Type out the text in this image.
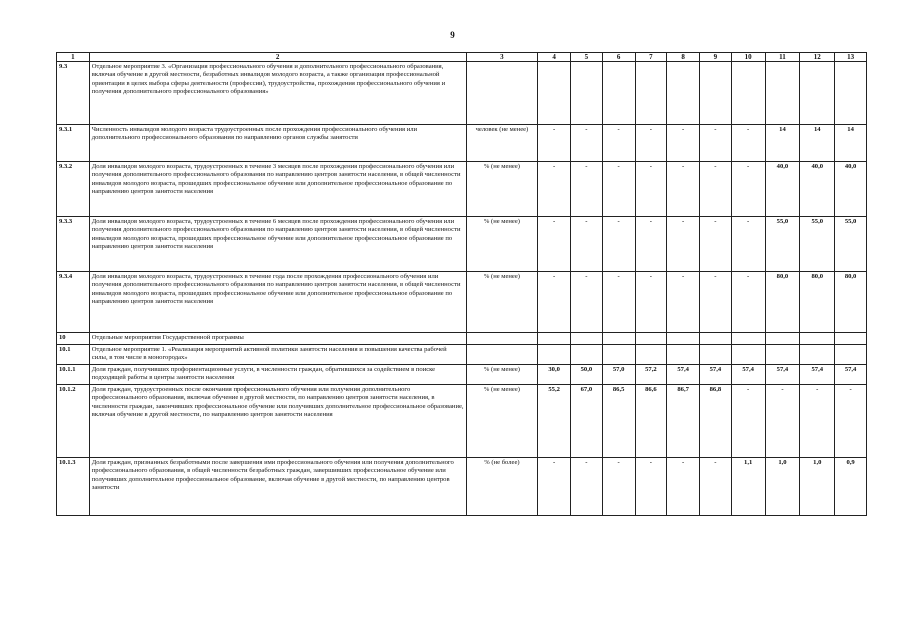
9
1	2	3	4	5	6	7	8	9	10	11	12	13
9.3	Отдельное мероприятие 3. «Организация профессионального обучения и дополнительного профессионального образования, включая обучение в другой местности, безработных инвалидов молодого возраста, а также организация профессиональной ориентации в целях выбора сферы деятельности (профессии), трудоустройства, прохождения профессионального обучения и получения дополнительного профессионального образования»											
9.3.1	Численность инвалидов молодого возраста трудоустроенных после прохождения профессионального обучения или дополнительного профессионального образования по направлению органов службы занятости	человек (не менее)	-	-	-	-	-	-	-	14	14	14
9.3.2	Доля инвалидов молодого возраста, трудоустроенных в течение 3 месяцев после прохождения профессионального обучения или получения дополнительного профессионального образования по направлению центров занятости населения, в общей численности инвалидов молодого возраста, прошедших профессиональное обучение или дополнительное профессиональное образование по направлению центров занятости населения	% (не менее)	-	-	-	-	-	-	-	40,0	40,0	40,0
9.3.3	Доля инвалидов молодого возраста, трудоустроенных в течение 6 месяцев после прохождения профессионального обучения или получения дополнительного профессионального образования по направлению центров занятости населения, в общей численности инвалидов молодого возраста, прошедших профессиональное обучение или дополнительное профессиональное образование по направлению центров занятости населения	% (не менее)	-	-	-	-	-	-	-	55,0	55,0	55,0
9.3.4	Доля инвалидов молодого возраста, трудоустроенных в течение года после прохождения профессионального обучения или получения дополнительного профессионального образования по направлению центров занятости населения, в общей численности инвалидов молодого возраста, прошедших профессиональное обучение или дополнительное профессиональное образование по направлению центров занятости населения	% (не менее)	-	-	-	-	-	-	-	80,0	80,0	80,0
10	Отдельные мероприятия Государственной программы											
10.1	Отдельное мероприятие 1. «Реализация мероприятий активной политики занятости населения и повышения качества рабочей силы, в том числе в моногородах»											
10.1.1	Доля граждан, получивших профориентационные услуги, в численности граждан, обратившихся за содействием в поиске подходящей работы в центры занятости населения	% (не менее)	30,0	50,0	57,0	57,2	57,4	57,4	57,4	57,4	57,4	57,4
10.1.2	Доля граждан, трудоустроенных после окончания профессионального обучения или получения дополнительного профессионального образования, включая обучение в другой местности, по направлению центров занятости населения, в численности граждан, закончивших профессиональное обучение или получивших дополнительное профессиональное образование, включая обучение в другой местности, по направлению центров занятости населения	% (не менее)	55,2	67,0	86,5	86,6	86,7	86,8	-	-	-	-
10.1.3	Доля граждан, признанных безработными после завершения ими профессионального обучения или получения дополнительного профессионального образования, в общей численности безработных граждан, завершивших профессиональное обучение или получивших дополнительное профессиональное образование, включая обучение в другой местности, по направлению центров занятости	% (не более)	-	-	-	-	-	-	1,1	1,0	1,0	0,9
